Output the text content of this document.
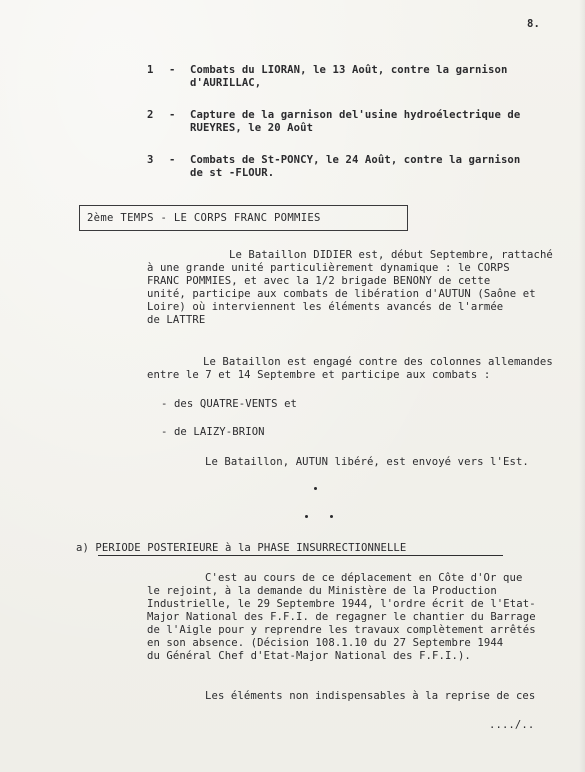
8.
1 - Combats du LIORAN, le 13 Août, contre la garnison
d'AURILLAC,
2 - Capture de la garnison del'usine hydroélectrique de
RUEYRES, le 20 Août
3 - Combats de St-PONCY, le 24 Août, contre la garnison
de st -FLOUR.
2ème TEMPS - LE CORPS FRANC POMMIES
Le Bataillon DIDIER est, début Septembre, rattaché
à une grande unité particulièrement dynamique : le CORPS
FRANC POMMIES, et avec la 1/2 brigade BENONY de cette
unité, participe aux combats de libération d'AUTUN (Saône et
Loire) où interviennent les éléments avancés de l'armée
de LATTRE
Le Bataillon est engagé contre des colonnes allemandes
entre le 7 et 14 Septembre et participe aux combats :
- des QUATRE-VENTS et
- de LAIZY-BRION
Le Bataillon, AUTUN libéré, est envoyé vers l'Est.
a) PERIODE POSTERIEURE à la PHASE INSURRECTIONNELLE
C'est au cours de ce déplacement en Côte d'Or que
le rejoint, à la demande du Ministère de la Production
Industrielle, le 29 Septembre 1944, l'ordre écrit de l'Etat-
Major National des F.F.I. de regagner le chantier du Barrage
de l'Aigle pour y reprendre les travaux complètement arrêtés
en son absence. (Décision 108.1.10 du 27 Septembre 1944
du Général Chef d'Etat-Major National des F.F.I.).
Les éléments non indispensables à la reprise de ces
..../..
